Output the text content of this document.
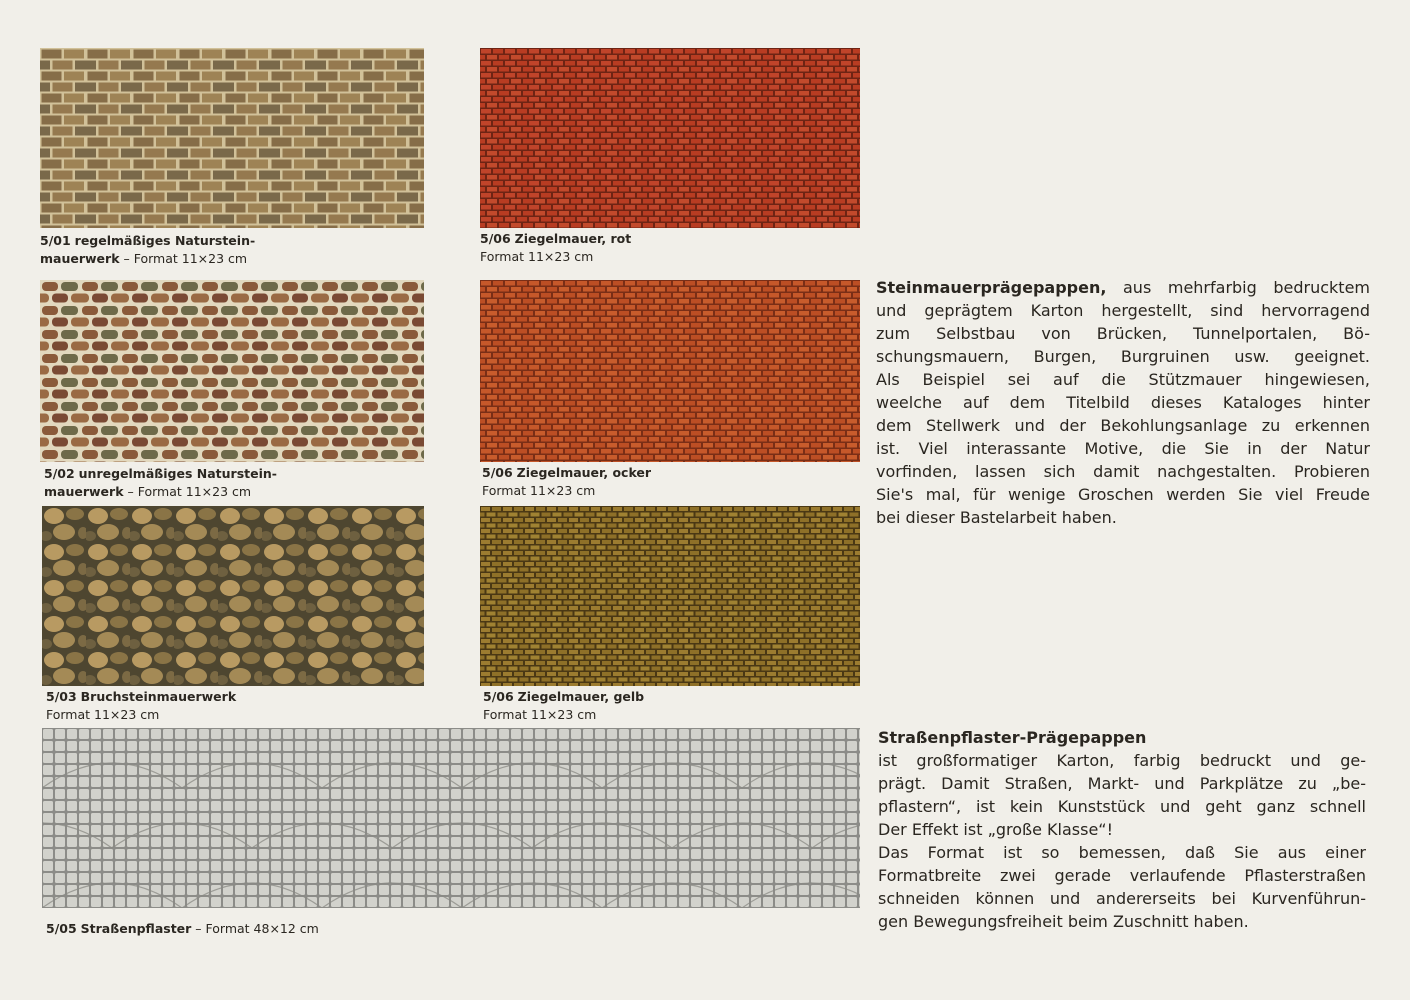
5/01 regelmäßiges Naturstein-
mauerwerk – Format 11×23 cm
5/06 Ziegelmauer, rot
Format 11×23 cm
5/02 unregelmäßiges Naturstein-
mauerwerk – Format 11×23 cm
5/06 Ziegelmauer, ocker
Format 11×23 cm
5/03 Bruchsteinmauerwerk
Format 11×23 cm
5/06 Ziegelmauer, gelb
Format 11×23 cm
5/05 Straßenpflaster – Format 48×12 cm
Steinmauerprägepappen, aus mehrfarbig bedrucktem
und geprägtem Karton hergestellt, sind hervorragend
zum Selbstbau von Brücken, Tunnelportalen, Bö-
schungsmauern, Burgen, Burgruinen usw. geeignet.
Als Beispiel sei auf die Stützmauer hingewiesen,
weelche auf dem Titelbild dieses Kataloges hinter
dem Stellwerk und der Bekohlungsanlage zu erkennen
ist. Viel interassante Motive, die Sie in der Natur
vorfinden, lassen sich damit nachgestalten. Probieren
Sie's mal, für wenige Groschen werden Sie viel Freude
bei dieser Bastelarbeit haben.
Straßenpflaster-Prägepappen
ist großformatiger Karton, farbig bedruckt und ge-
prägt. Damit Straßen, Markt- und Parkplätze zu „be-
pflastern“, ist kein Kunststück und geht ganz schnell
Der Effekt ist „große Klasse“!
Das Format ist so bemessen, daß Sie aus einer
Formatbreite zwei gerade verlaufende Pflasterstraßen
schneiden können und andererseits bei Kurvenführun-
gen Bewegungsfreiheit beim Zuschnitt haben.
